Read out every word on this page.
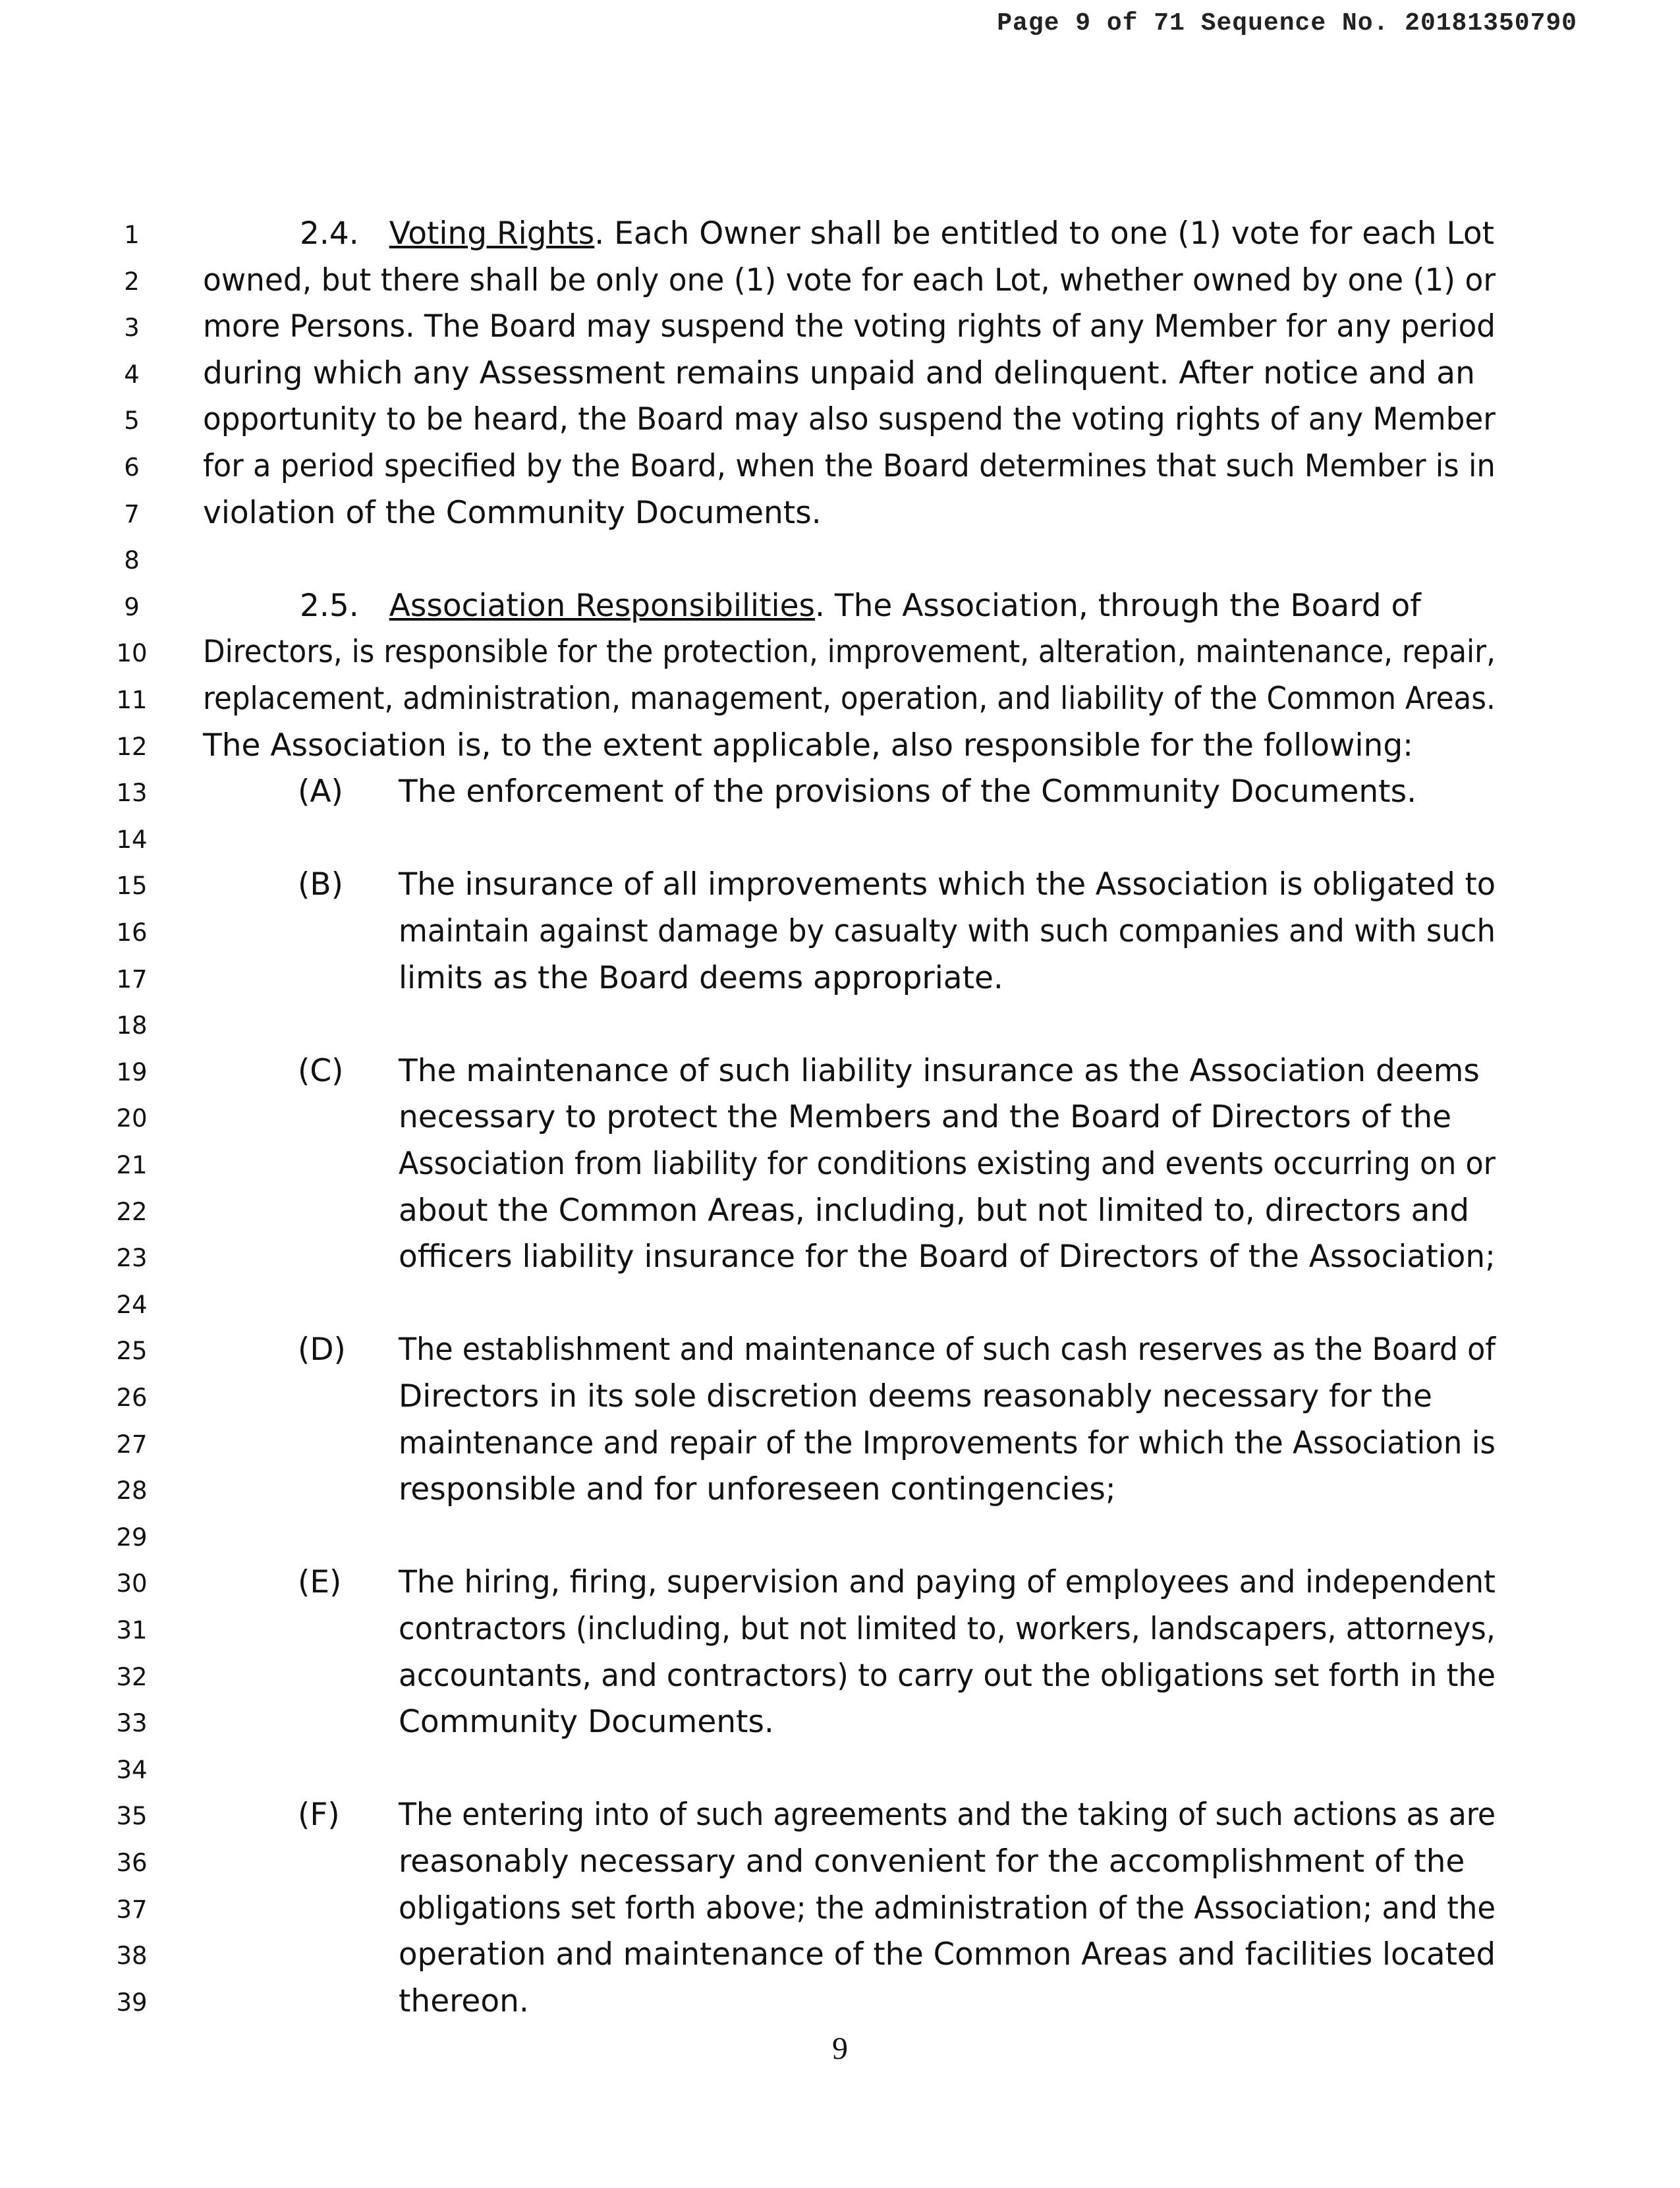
Page 9 of 71 Sequence No. 20181350790
1
2
3
4
5
6
7
8
9
10
11
12
13
14
15
16
17
18
19
20
21
22
23
24
25
26
27
28
29
30
31
32
33
34
35
36
37
38
39
2.4. Voting Rights. Each Owner shall be entitled to one (1) vote for each Lot
owned, but there shall be only one (1) vote for each Lot, whether owned by one (1) or
more Persons. The Board may suspend the voting rights of any Member for any period
during which any Assessment remains unpaid and delinquent. After notice and an
opportunity to be heard, the Board may also suspend the voting rights of any Member
for a period specified by the Board, when the Board determines that such Member is in
violation of the Community Documents.
2.5. Association Responsibilities. The Association, through the Board of
Directors, is responsible for the protection, improvement, alteration, maintenance, repair,
replacement, administration, management, operation, and liability of the Common Areas.
The Association is, to the extent applicable, also responsible for the following:
(A) The enforcement of the provisions of the Community Documents.
(B) The insurance of all improvements which the Association is obligated to
maintain against damage by casualty with such companies and with such
limits as the Board deems appropriate.
(C) The maintenance of such liability insurance as the Association deems
necessary to protect the Members and the Board of Directors of the
Association from liability for conditions existing and events occurring on or
about the Common Areas, including, but not limited to, directors and
officers liability insurance for the Board of Directors of the Association;
(D) The establishment and maintenance of such cash reserves as the Board of
Directors in its sole discretion deems reasonably necessary for the
maintenance and repair of the Improvements for which the Association is
responsible and for unforeseen contingencies;
(E) The hiring, firing, supervision and paying of employees and independent
contractors (including, but not limited to, workers, landscapers, attorneys,
accountants, and contractors) to carry out the obligations set forth in the
Community Documents.
(F) The entering into of such agreements and the taking of such actions as are
reasonably necessary and convenient for the accomplishment of the
obligations set forth above; the administration of the Association; and the
operation and maintenance of the Common Areas and facilities located
thereon.
9
